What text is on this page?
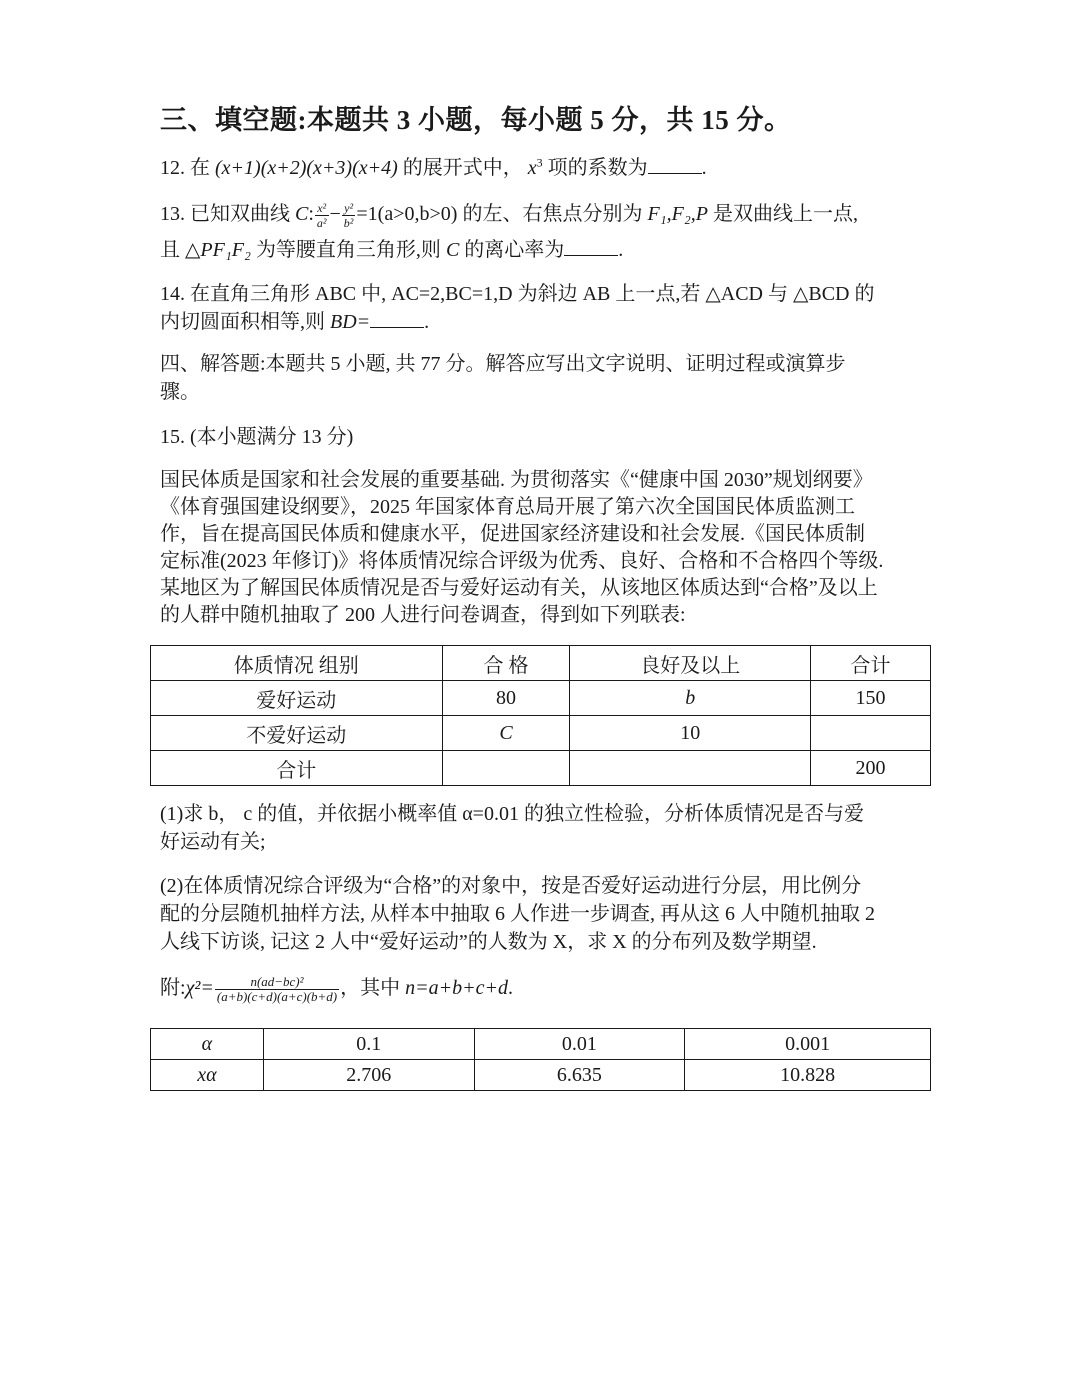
三、填空题:本题共 3 小题，每小题 5 分，共 15 分。
12. 在 (x+1)(x+2)(x+3)(x+4) 的展开式中， $x^3$ 项的系数为	.
13. 已知双曲线 C: $\frac{\text{x²}}{\text{a²}} - \frac{\text{y²}}{\text{b²}} =1(a>0,b>0)$ 的左、右焦点分别为 F₁,F₂,P 是双曲线上一点,
且 △PF₁F₂ 为等腰直角三角形,则 C 的离心率为	.
14. 在直角三角形 ABC 中, AC=2,BC=1,D 为斜边 AB 上一点,若 △ACD 与 △BCD 的
内切圆面积相等,则 BD=	.
四、解答题:本题共 5 小题, 共 77 分。解答应写出文字说明、证明过程或演算步
骤。
15. (本小题满分 13 分)
国民体质是国家和社会发展的重要基础. 为贯彻落实《“健康中国 2030”规划纲要》
《体育强国建设纲要》，2025 年国家体育总局开展了第六次全国国民体质监测工
作，旨在提高国民体质和健康水平，促进国家经济建设和社会发展.《国民体质制
定标准(2023 年修订)》将体质情况综合评级为优秀、良好、合格和不合格四个等级.
某地区为了解国民体质情况是否与爱好运动有关，从该地区体质达到“合格”及以上
的人群中随机抽取了 200 人进行问卷调查，得到如下列联表:
体质情况 组别	合 格	良好及以上	合计
爱好运动	80	b	150
不爱好运动	C	10	
合计			200
(1)求 b， c 的值，并依据小概率值 α=0.01 的独立性检验，分析体质情况是否与爱
好运动有关;
(2)在体质情况综合评级为“合格”的对象中，按是否爱好运动进行分层，用比例分
配的分层随机抽样方法, 从样本中抽取 6 人作进一步调查, 再从这 6 人中随机抽取 2
人线下访谈, 记这 2 人中“爱好运动”的人数为 X，求 X 的分布列及数学期望.
附:χ²= $\frac{\text{n(ad−bc)²}}{(a+b)(c+d)(a+c)(b+d)}$ ，其中 n=a+b+c+d.
α	0.1	0.01	0.001
xα	2.706	6.635	10.828
